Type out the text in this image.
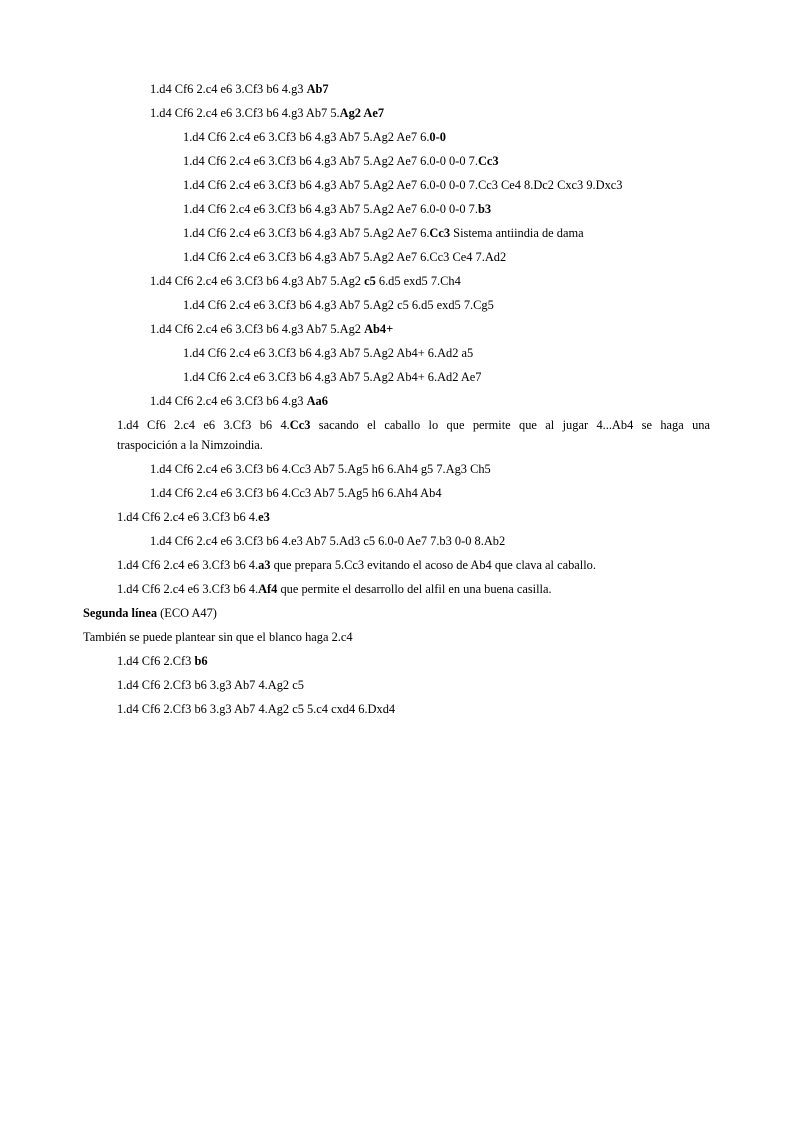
1.d4 Cf6 2.c4 e6 3.Cf3 b6 4.g3 Ab7
1.d4 Cf6 2.c4 e6 3.Cf3 b6 4.g3 Ab7 5.Ag2 Ae7
1.d4 Cf6 2.c4 e6 3.Cf3 b6 4.g3 Ab7 5.Ag2 Ae7 6.0-0
1.d4 Cf6 2.c4 e6 3.Cf3 b6 4.g3 Ab7 5.Ag2 Ae7 6.0-0 0-0 7.Cc3
1.d4 Cf6 2.c4 e6 3.Cf3 b6 4.g3 Ab7 5.Ag2 Ae7 6.0-0 0-0 7.Cc3 Ce4 8.Dc2 Cxc3 9.Dxc3
1.d4 Cf6 2.c4 e6 3.Cf3 b6 4.g3 Ab7 5.Ag2 Ae7 6.0-0 0-0 7.b3
1.d4 Cf6 2.c4 e6 3.Cf3 b6 4.g3 Ab7 5.Ag2 Ae7 6.Cc3 Sistema antiindia de dama
1.d4 Cf6 2.c4 e6 3.Cf3 b6 4.g3 Ab7 5.Ag2 Ae7 6.Cc3 Ce4 7.Ad2
1.d4 Cf6 2.c4 e6 3.Cf3 b6 4.g3 Ab7 5.Ag2 c5 6.d5 exd5 7.Ch4
1.d4 Cf6 2.c4 e6 3.Cf3 b6 4.g3 Ab7 5.Ag2 c5 6.d5 exd5 7.Cg5
1.d4 Cf6 2.c4 e6 3.Cf3 b6 4.g3 Ab7 5.Ag2 Ab4+
1.d4 Cf6 2.c4 e6 3.Cf3 b6 4.g3 Ab7 5.Ag2 Ab4+ 6.Ad2 a5
1.d4 Cf6 2.c4 e6 3.Cf3 b6 4.g3 Ab7 5.Ag2 Ab4+ 6.Ad2 Ae7
1.d4 Cf6 2.c4 e6 3.Cf3 b6 4.g3 Aa6
1.d4 Cf6 2.c4 e6 3.Cf3 b6 4.Cc3 sacando el caballo lo que permite que al jugar 4...Ab4 se haga una
traspocición a la Nimzoindia.
1.d4 Cf6 2.c4 e6 3.Cf3 b6 4.Cc3 Ab7 5.Ag5 h6 6.Ah4 g5 7.Ag3 Ch5
1.d4 Cf6 2.c4 e6 3.Cf3 b6 4.Cc3 Ab7 5.Ag5 h6 6.Ah4 Ab4
1.d4 Cf6 2.c4 e6 3.Cf3 b6 4.e3
1.d4 Cf6 2.c4 e6 3.Cf3 b6 4.e3 Ab7 5.Ad3 c5 6.0-0 Ae7 7.b3 0-0 8.Ab2
1.d4 Cf6 2.c4 e6 3.Cf3 b6 4.a3 que prepara 5.Cc3 evitando el acoso de Ab4 que clava al caballo.
1.d4 Cf6 2.c4 e6 3.Cf3 b6 4.Af4 que permite el desarrollo del alfil en una buena casilla.
Segunda línea (ECO A47)
También se puede plantear sin que el blanco haga 2.c4
1.d4 Cf6 2.Cf3 b6
1.d4 Cf6 2.Cf3 b6 3.g3 Ab7 4.Ag2 c5
1.d4 Cf6 2.Cf3 b6 3.g3 Ab7 4.Ag2 c5 5.c4 cxd4 6.Dxd4
